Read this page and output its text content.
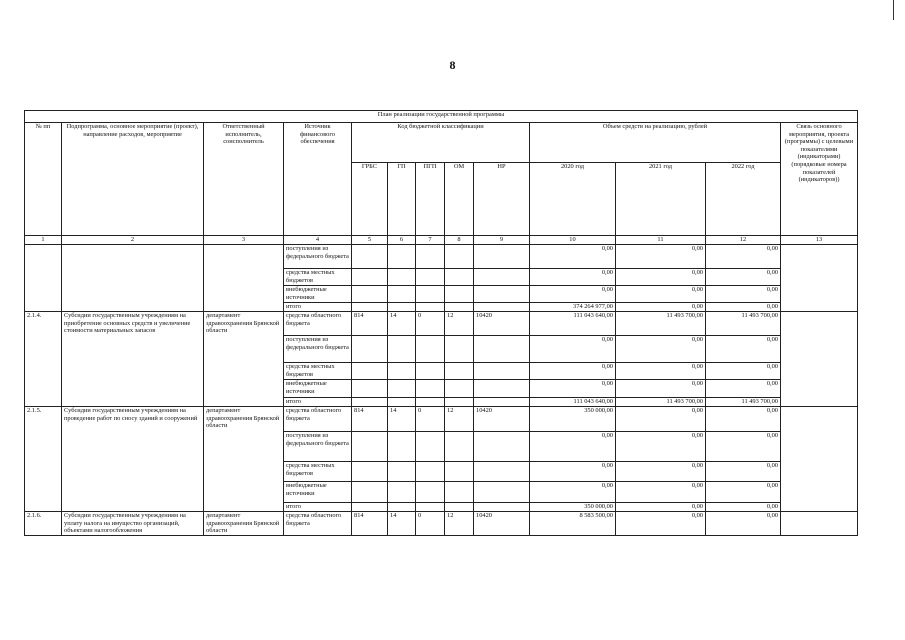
8
План реализации государственной программы												
№ пп	Подпрограмма, основное мероприятие (проект), направление расходов, мероприятие	Ответственный исполнитель, соисполнитель	Источник финансового обеспечения	Код бюджетной классификации					Объем средств на реализацию, рублей			Связь основного мероприятия, проекта (программы) с целевыми показателями (индикаторами) (порядковые номера показателей (индикаторов))
				ГРБС	ГП	ПГП	ОМ	НР	2020 год	2021 год	2022 год	
1	2	3	4	5	6	7	8	9	10	11	12	13
			поступления из федерального бюджета						0,00	0,00	0,00	
			средства местных бюджетов						0,00	0,00	0,00	
			внебюджетные источники						0,00	0,00	0,00	
			итого						374 264 977,00	0,00	0,00	
2.1.4.	Субсидии государственным учреждениям на приобретение основных средств и увеличение стоимости материальных запасов	департамент здравоохранения Брянской области	средства областного бюджета	814	14	0	12	10420	111 043 640,00	11 493 700,00	11 493 700,00	
			поступления из федерального бюджета						0,00	0,00	0,00	
			средства местных бюджетов						0,00	0,00	0,00	
			внебюджетные источники						0,00	0,00	0,00	
			итого						111 043 640,00	11 493 700,00	11 493 700,00	
2.1.5.	Субсидии государственным учреждениям на проведение работ по сносу зданий и сооружений	департамент здравоохранения Брянской области	средства областного бюджета	814	14	0	12	10420	350 000,00	0,00	0,00	
			поступления из федерального бюджета						0,00	0,00	0,00	
			средства местных бюджетов						0,00	0,00	0,00	
			внебюджетные источники						0,00	0,00	0,00	
			итого						350 000,00	0,00	0,00	
2.1.6.	Субсидии государственным учреждениям на уплату налога на имущество организаций, объектами налогообложения	департамент здравоохранения Брянской области	средства областного бюджета	814	14	0	12	10420	8 583 500,00	0,00	0,00	
